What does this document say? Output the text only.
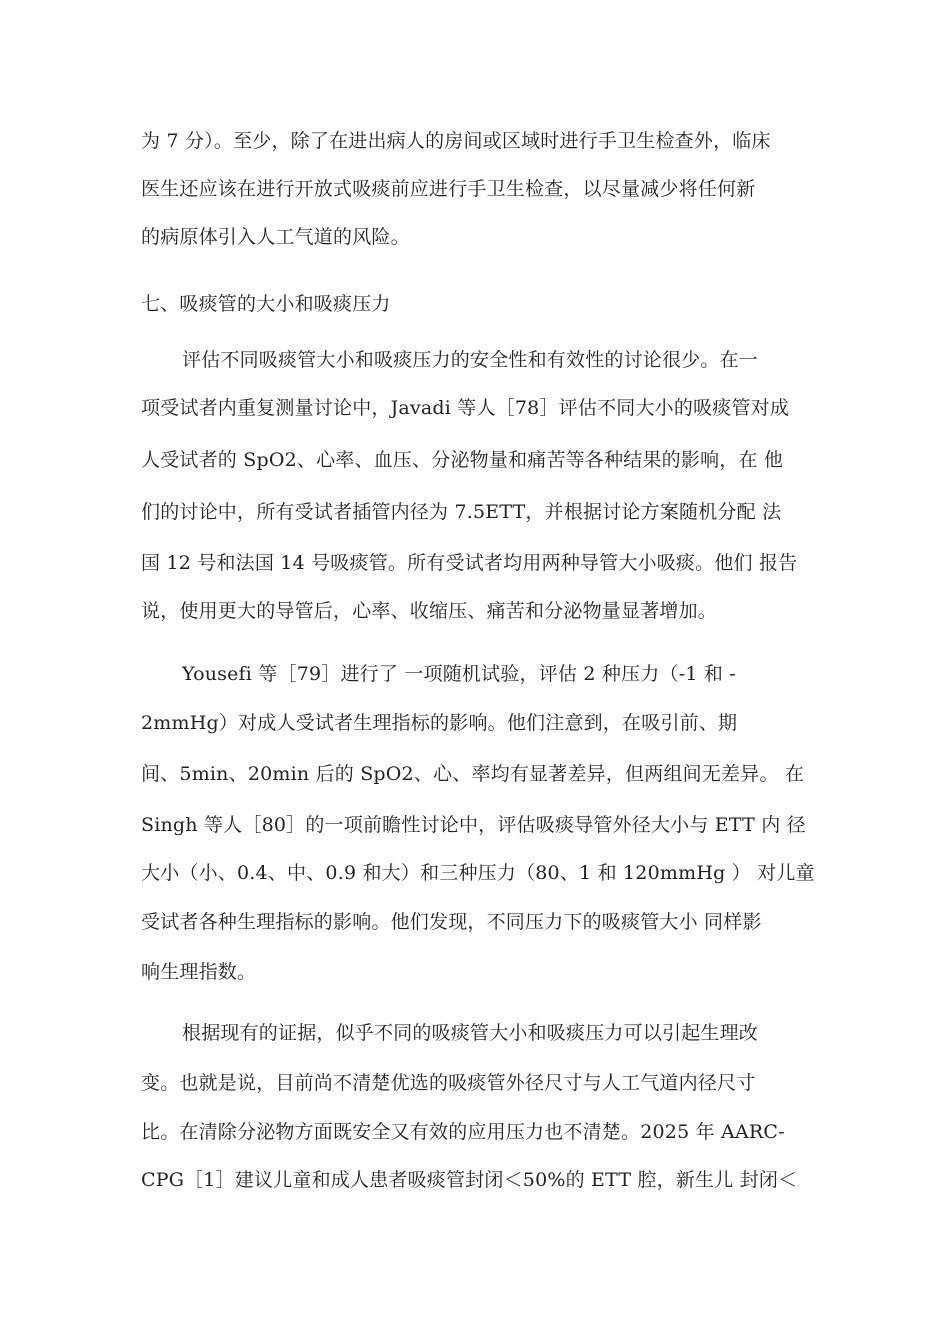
为 7 分）。至少，除了在进出病人的房间或区域时进行手卫生检查外，临床
医生还应该在进行开放式吸痰前应进行手卫生检查，以尽量减少将任何新
的病原体引入人工气道的风险。
七、吸痰管的大小和吸痰压力
评估不同吸痰管大小和吸痰压力的安全性和有效性的讨论很少。在一
项受试者内重复测量讨论中，Javadi 等人［78］评估不同大小的吸痰管对成
人受试者的 SpO2、心率、血压、分泌物量和痛苦等各种结果的影响，在 他
们的讨论中，所有受试者插管内径为 7.5ETT，并根据讨论方案随机分配 法
国 12 号和法国 14 号吸痰管。所有受试者均用两种导管大小吸痰。他们 报告
说，使用更大的导管后，心率、收缩压、痛苦和分泌物量显著增加。
Yousefi 等［79］进行了 一项随机试验，评估 2 种压力（-1 和 -
2mmHg）对成人受试者生理指标的影响。他们注意到，在吸引前、期
间、5min、20min 后的 SpO2、心、率均有显著差异，但两组间无差异。 在
Singh 等人［80］的一项前瞻性讨论中，评估吸痰导管外径大小与 ETT 内 径
大小（小、0.4、中、0.9 和大）和三种压力（80、1 和 120mmHg ） 对儿童
受试者各种生理指标的影响。他们发现，不同压力下的吸痰管大小 同样影
响生理指数。
根据现有的证据，似乎不同的吸痰管大小和吸痰压力可以引起生理改
变。也就是说，目前尚不清楚优选的吸痰管外径尺寸与人工气道内径尺寸
比。在清除分泌物方面既安全又有效的应用压力也不清楚。2025 年 AARC-
CPG［1］建议儿童和成人患者吸痰管封闭＜50%的 ETT 腔，新生儿 封闭＜
